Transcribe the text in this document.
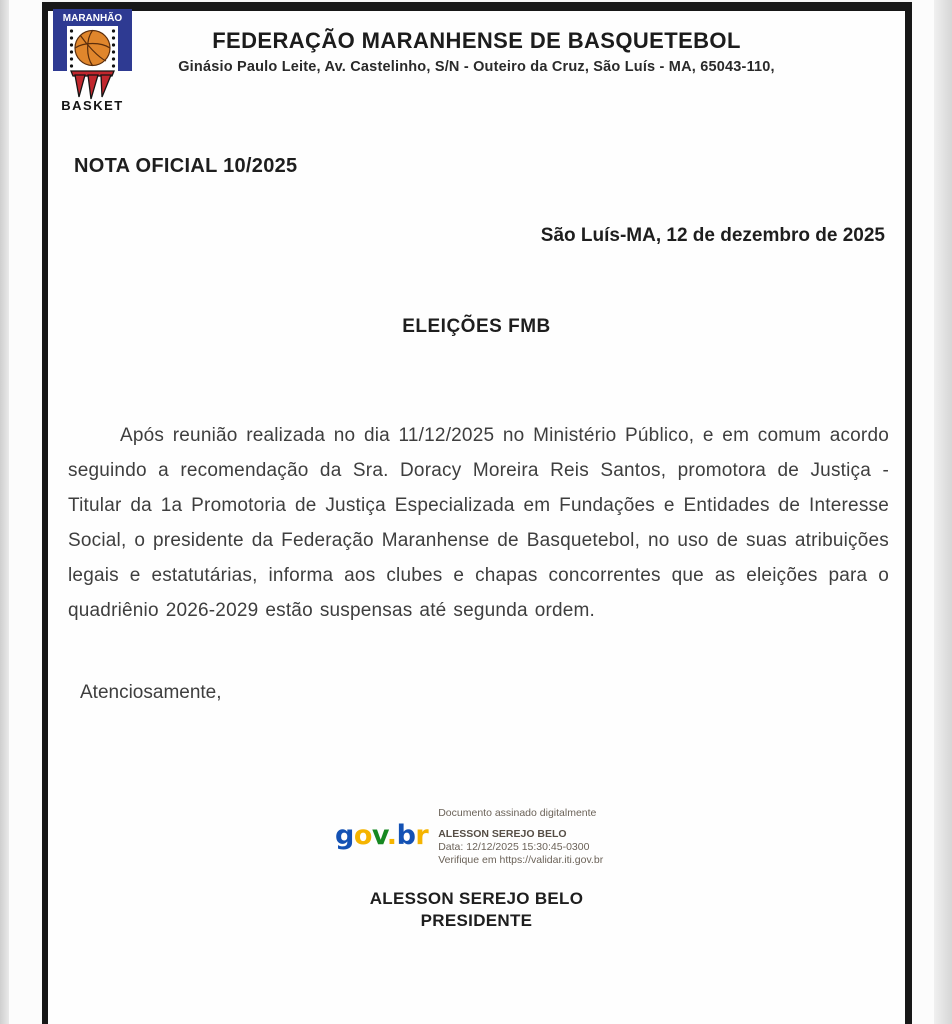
MARANHÃO
BASKET
FEDERAÇÃO MARANHENSE DE BASQUETEBOL
Ginásio Paulo Leite, Av. Castelinho, S/N - Outeiro da Cruz, São Luís - MA, 65043-110,
NOTA OFICIAL 10/2025
São Luís-MA, 12 de dezembro de 2025
ELEIÇÕES FMB

Após reunião realizada no dia 11/12/2025 no Ministério Público, e em comum acordo seguindo a recomendação da Sra. Doracy Moreira Reis Santos, promotora de Justiça - Titular da 1a Promotoria de Justiça Especializada em Fundações e Entidades de Interesse Social, o presidente da Federação Maranhense de Basquetebol, no uso de suas atribuições legais e estatutárias, informa aos clubes e chapas concorrentes que as eleições para o quadriênio 2026-2029 estão suspensas até segunda ordem.

Atenciosamente,
gov.br
Documento assinado digitalmente
ALESSON SEREJO BELO
Data: 12/12/2025 15:30:45-0300
Verifique em https://validar.iti.gov.br
ALESSON SEREJO BELO
PRESIDENTE
